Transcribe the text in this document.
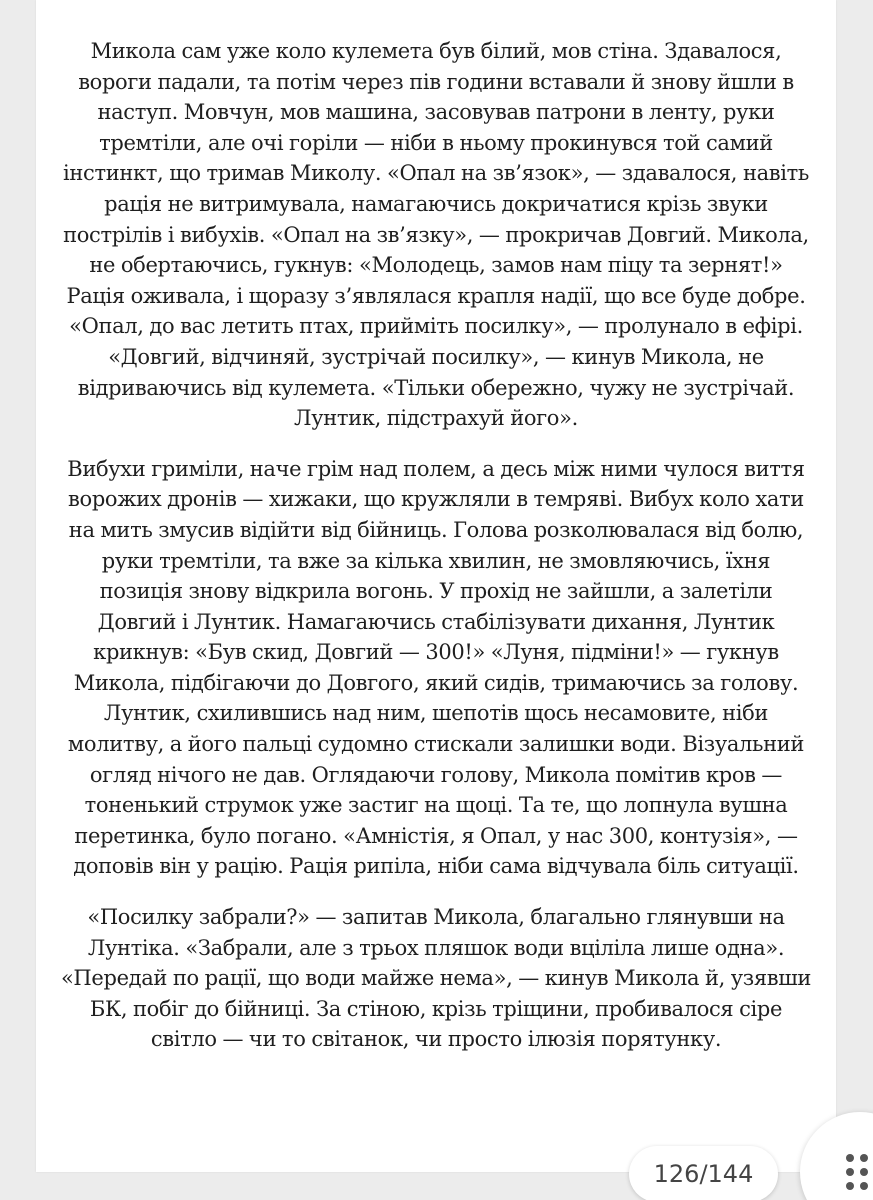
Микола сам уже коло кулемета був білий, мов стіна. Здавалося, вороги падали, та потім через пів години вставали й знову йшли в наступ. Мовчун, мов машина, засовував патрони в ленту, руки тремтіли, але очі горіли — ніби в ньому прокинувся той самий інстинкт, що тримав Миколу. «Опал на зв’язок», — здавалося, навіть рація не витримувала, намагаючись докричатися крізь звуки пострілів і вибухів. «Опал на зв’язку», — прокричав Довгий. Микола, не обертаючись, гукнув: «Молодець, замов нам піцу та зернят!» Рація оживала, і щоразу з’являлася крапля надії, що все буде добре. «Опал, до вас летить птах, прийміть посилку», — пролунало в ефірі. «Довгий, відчиняй, зустрічай посилку», — кинув Микола, не відриваючись від кулемета. «Тільки обережно, чужу не зустрічай. Лунтик, підстрахуй його».

Вибухи гриміли, наче грім над полем, а десь між ними чулося виття ворожих дронів — хижаки, що кружляли в темряві. Вибух коло хати на мить змусив відійти від бійниць. Голова розколювалася від болю, руки тремтіли, та вже за кілька хвилин, не змовляючись, їхня позиція знову відкрила вогонь. У прохід не зайшли, а залетіли Довгий і Лунтик. Намагаючись стабілізувати дихання, Лунтик крикнув: «Був скид, Довгий — 300!» «Луня, підміни!» — гукнув Микола, підбігаючи до Довгого, який сидів, тримаючись за голову. Лунтик, схилившись над ним, шепотів щось несамовите, ніби молитву, а його пальці судомно стискали залишки води. Візуальний огляд нічого не дав. Оглядаючи голову, Микола помітив кров — тоненький струмок уже застиг на щоці. Та те, що лопнула вушна перетинка, було погано. «Амністія, я Опал, у нас 300, контузія», — доповів він у рацію. Рація рипіла, ніби сама відчувала біль ситуації.

«Посилку забрали?» — запитав Микола, благально глянувши на Лунтіка. «Забрали, але з трьох пляшок води вціліла лише одна». «Передай по рації, що води майже нема», — кинув Микола й, узявши БК, побіг до бійниці. За стіною, крізь тріщини, пробивалося сіре світло — чи то світанок, чи просто ілюзія порятунку.

126/144
